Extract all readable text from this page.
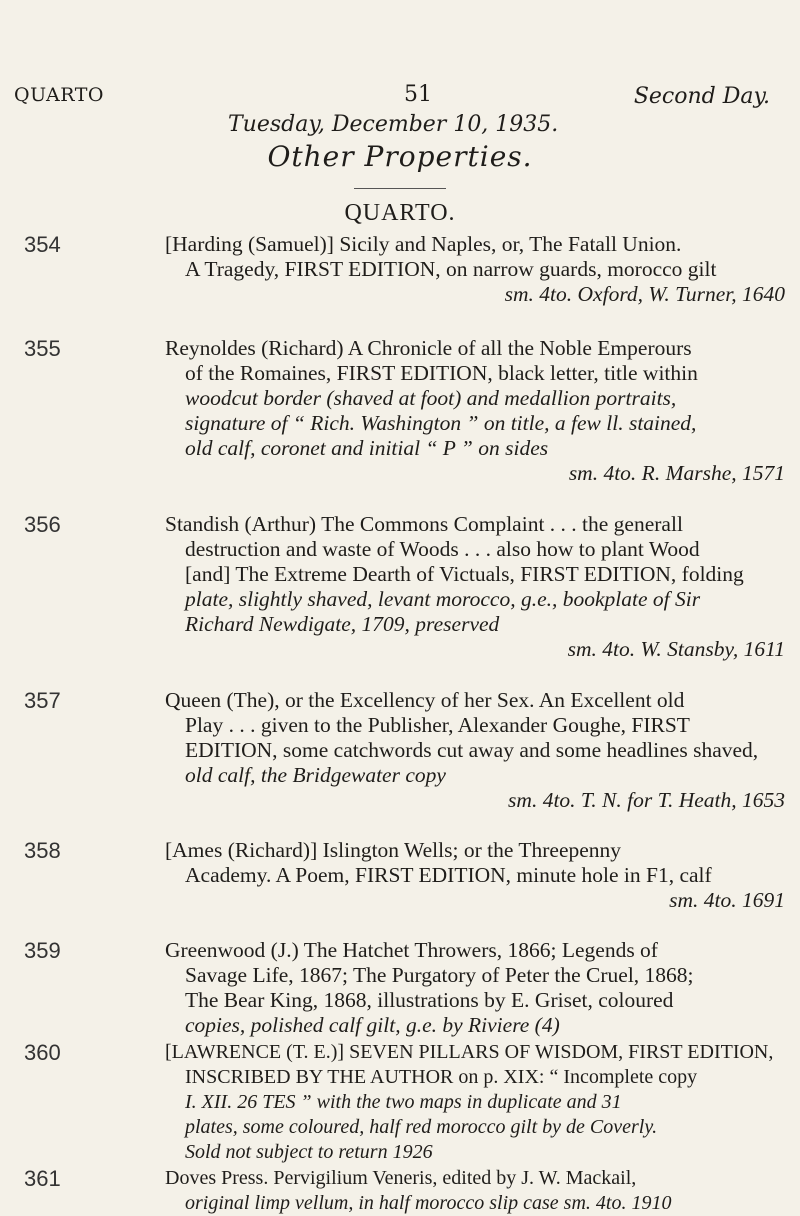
QUARTO	51	Second Day.
Tuesday, December 10, 1935.
Other Properties.
QUARTO.
354	[Harding (Samuel)] Sicily and Naples, or, The Fatall Union.
A Tragedy, FIRST EDITION, on narrow guards, morocco gilt
sm. 4to. Oxford, W. Turner, 1640
355	Reynoldes (Richard) A Chronicle of all the Noble Emperours
of the Romaines, FIRST EDITION, black letter, title within
woodcut border (shaved at foot) and medallion portraits,
signature of “ Rich. Washington ” on title, a few ll. stained,
old calf, coronet and initial “ P ” on sides
sm. 4to. R. Marshe, 1571
356	Standish (Arthur) The Commons Complaint . . . the generall
destruction and waste of Woods . . . also how to plant Wood
[and] The Extreme Dearth of Victuals, FIRST EDITION, folding
plate, slightly shaved, levant morocco, g.e., bookplate of Sir
Richard Newdigate, 1709, preserved
sm. 4to. W. Stansby, 1611
357	Queen (The), or the Excellency of her Sex. An Excellent old
Play . . . given to the Publisher, Alexander Goughe, FIRST
EDITION, some catchwords cut away and some headlines shaved,
old calf, the Bridgewater copy
sm. 4to. T. N. for T. Heath, 1653
358	[Ames (Richard)] Islington Wells; or the Threepenny
Academy. A Poem, FIRST EDITION, minute hole in F1, calf
sm. 4to. 1691
359	Greenwood (J.) The Hatchet Throwers, 1866; Legends of
Savage Life, 1867; The Purgatory of Peter the Cruel, 1868;
The Bear King, 1868, illustrations by E. Griset, coloured
copies, polished calf gilt, g.e. by Riviere (4)
360	[LAWRENCE (T. E.)] SEVEN PILLARS OF WISDOM, FIRST EDITION,
INSCRIBED BY THE AUTHOR on p. XIX: “ Incomplete copy
I. XII. 26 TES ” with the two maps in duplicate and 31
plates, some coloured, half red morocco gilt by de Coverly.
Sold not subject to return 1926
361	Doves Press. Pervigilium Veneris, edited by J. W. Mackail,
original limp vellum, in half morocco slip case sm. 4to. 1910
